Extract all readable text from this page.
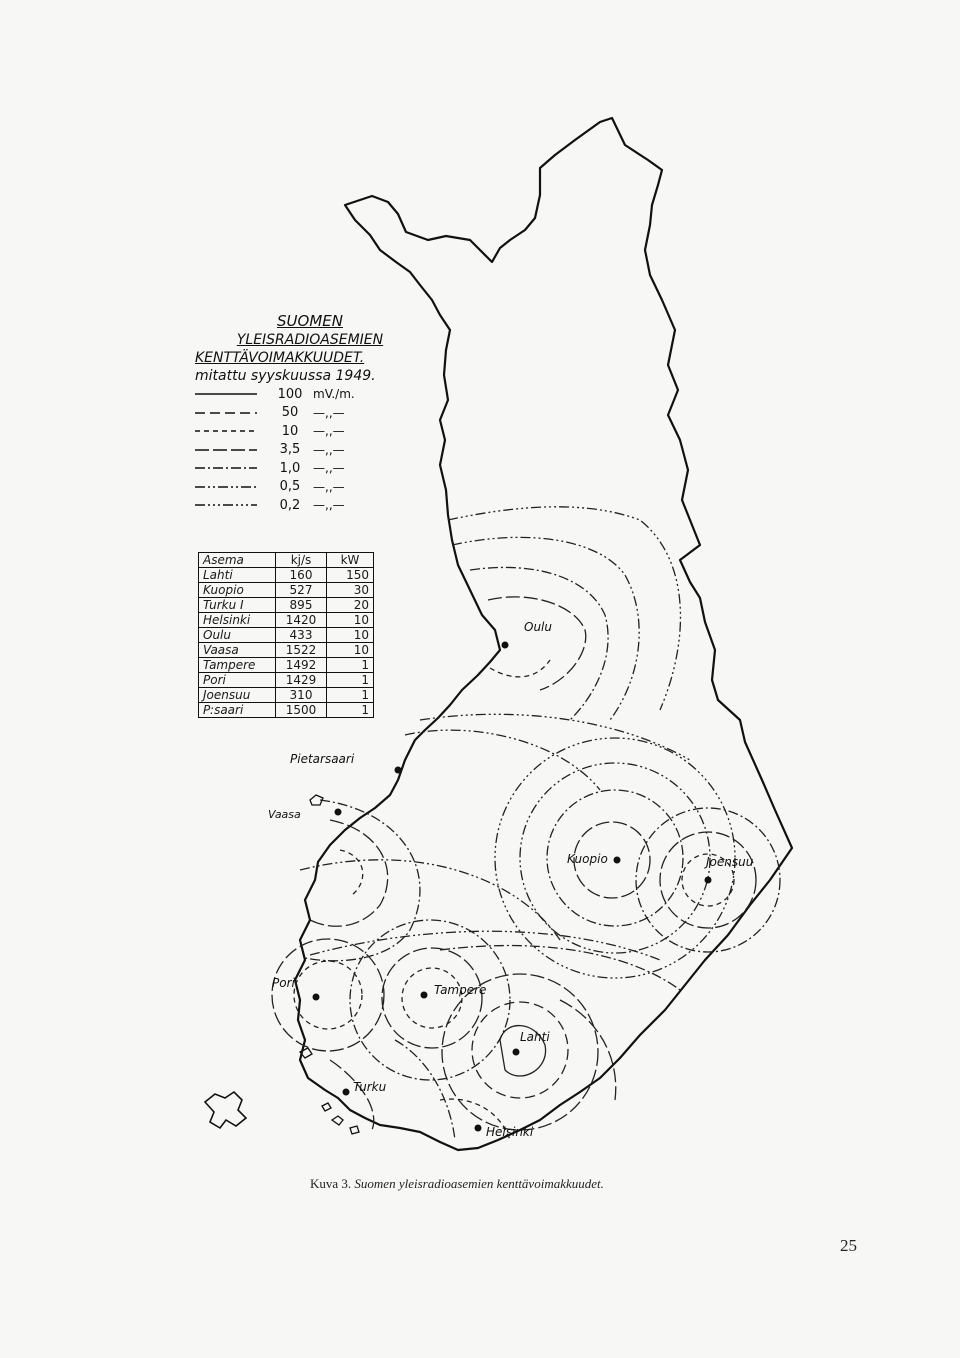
SUOMEN
YLEISRADIOASEMIEN
KENTTÄVOIMAKKUUDET.
mitattu syyskuussa 1949.
100 mV./m.
50	—,,—
10	—,,—
3,5	—,,—
1,0	—,,—
0,5	—,,—
0,2	—,,—
Asema	kj/s	kW
Lahti	160	150
Kuopio	527	30
Turku I	895	20
Helsinki	1420	10
Oulu	433	10
Vaasa	1522	10
Tampere	1492	1
Pori	1429	1
Joensuu	310	1
P:saari	1500	1
Oulu
Pietarsaari
Vaasa
Kuopio	Joensuu
Pori	Tampere
Lahti
Turku
Helsinki
Kuva 3. Suomen yleisradioasemien kenttävoimakkuudet.
25
